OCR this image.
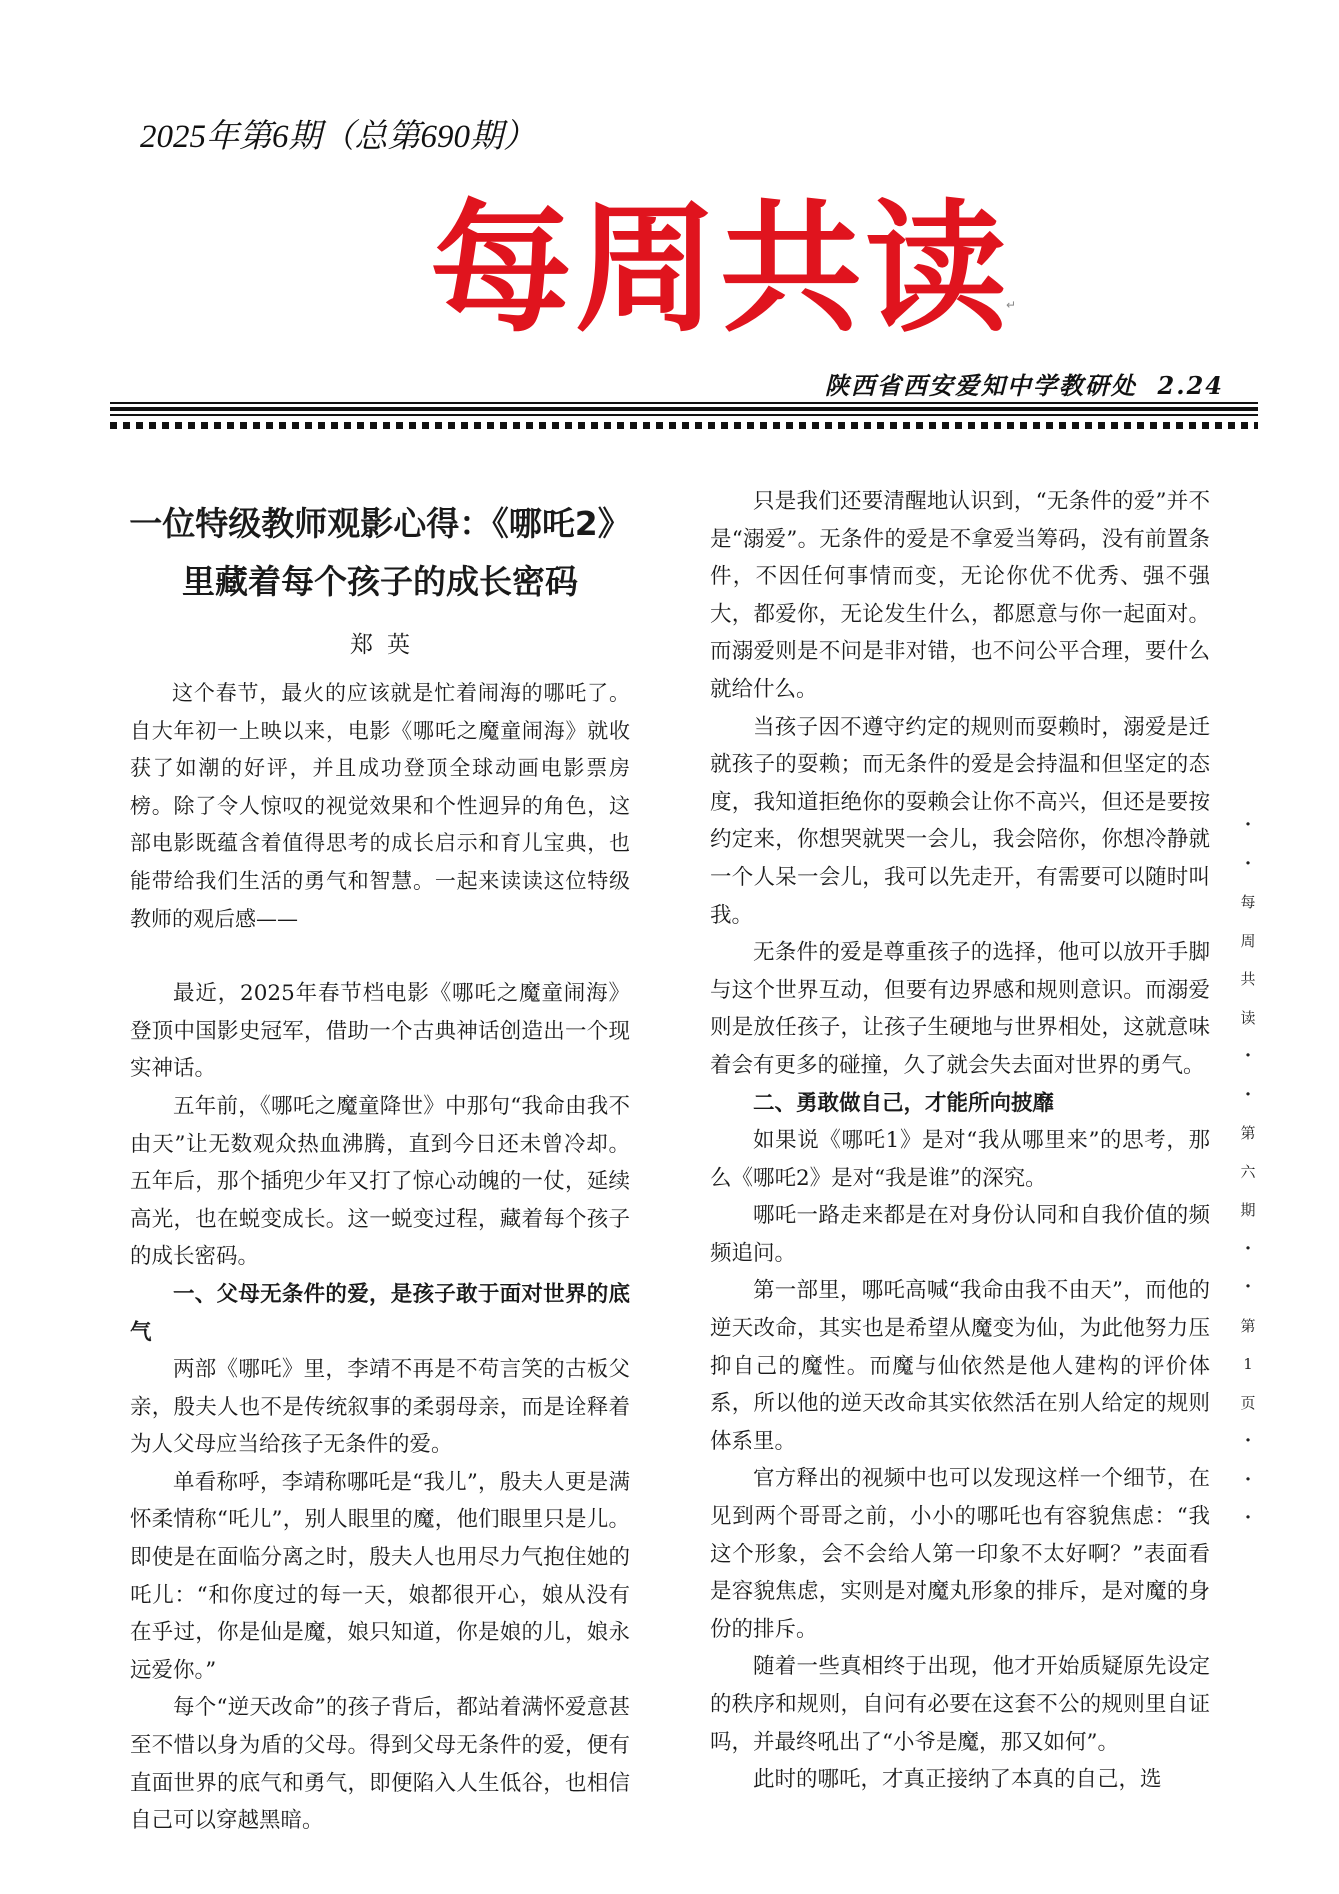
2025年第6期（总第690期）
每 周 共 读 ↵
陕西省西安爱知中学教研处 2.24
一位特级教师观影心得：《哪吒2》
里藏着每个孩子的成长密码
郑英

这个春节，最火的应该就是忙着闹海的哪吒了。自大年初一上映以来，电影《哪吒之魔童闹海》就收获了如潮的好评，并且成功登顶全球动画电影票房榜。除了令人惊叹的视觉效果和个性迥异的角色，这部电影既蕴含着值得思考的成长启示和育儿宝典，也能带给我们生活的勇气和智慧。一起来读读这位特级教师的观后感——

最近，2025年春节档电影《哪吒之魔童闹海》登顶中国影史冠军，借助一个古典神话创造出一个现实神话。

五年前，《哪吒之魔童降世》中那句“我命由我不由天”让无数观众热血沸腾，直到今日还未曾冷却。五年后，那个插兜少年又打了惊心动魄的一仗，延续高光，也在蜕变成长。这一蜕变过程，藏着每个孩子的成长密码。

一、父母无条件的爱，是孩子敢于面对世界的底气

两部《哪吒》里，李靖不再是不苟言笑的古板父亲，殷夫人也不是传统叙事的柔弱母亲，而是诠释着为人父母应当给孩子无条件的爱。

单看称呼，李靖称哪吒是“我儿”，殷夫人更是满怀柔情称“吒儿”，别人眼里的魔，他们眼里只是儿。即使是在面临分离之时，殷夫人也用尽力气抱住她的吒儿：“和你度过的每一天，娘都很开心，娘从没有在乎过，你是仙是魔，娘只知道，你是娘的儿，娘永远爱你。”

每个“逆天改命”的孩子背后，都站着满怀爱意甚至不惜以身为盾的父母。得到父母无条件的爱，便有直面世界的底气和勇气，即便陷入人生低谷，也相信自己可以穿越黑暗。

只是我们还要清醒地认识到，“无条件的爱”并不是“溺爱”。无条件的爱是不拿爱当筹码，没有前置条件，不因任何事情而变，无论你优不优秀、强不强大，都爱你，无论发生什么，都愿意与你一起面对。而溺爱则是不问是非对错，也不问公平合理，要什么就给什么。

当孩子因不遵守约定的规则而耍赖时，溺爱是迁就孩子的耍赖；而无条件的爱是会持温和但坚定的态度，我知道拒绝你的耍赖会让你不高兴，但还是要按约定来，你想哭就哭一会儿，我会陪你，你想冷静就一个人呆一会儿，我可以先走开，有需要可以随时叫我。

无条件的爱是尊重孩子的选择，他可以放开手脚与这个世界互动，但要有边界感和规则意识。而溺爱则是放任孩子，让孩子生硬地与世界相处，这就意味着会有更多的碰撞，久了就会失去面对世界的勇气。

二、勇敢做自己，才能所向披靡

如果说《哪吒1》是对“我从哪里来”的思考，那么《哪吒2》是对“我是谁”的深究。

哪吒一路走来都是在对身份认同和自我价值的频频追问。

第一部里，哪吒高喊“我命由我不由天”，而他的逆天改命，其实也是希望从魔变为仙，为此他努力压抑自己的魔性。而魔与仙依然是他人建构的评价体系，所以他的逆天改命其实依然活在别人给定的规则体系里。

官方释出的视频中也可以发现这样一个细节，在见到两个哥哥之前，小小的哪吒也有容貌焦虑：“我这个形象，会不会给人第一印象不太好啊？”表面看是容貌焦虑，实则是对魔丸形象的排斥，是对魔的身份的排斥。

随着一些真相终于出现，他才开始质疑原先设定的秩序和规则，自问有必要在这套不公的规则里自证吗，并最终吼出了“小爷是魔，那又如何”。

此时的哪吒，才真正接纳了本真的自己，选

·
·
每
周
共
读
·
·
第
六
期
·
·
第
1
页
·
·
·
